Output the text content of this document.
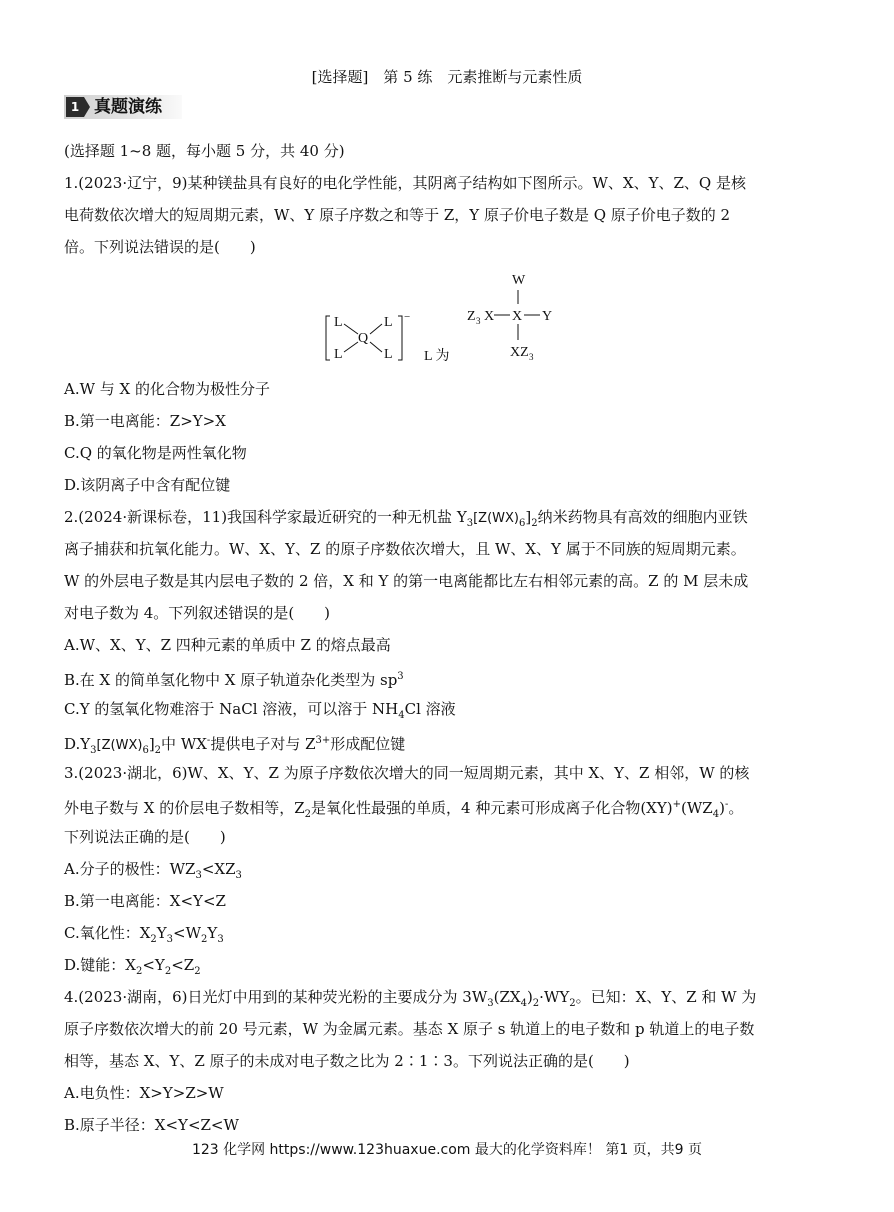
[选择题]　第 5 练　元素推断与元素性质
1 真题演练
(选择题 1~8 题，每小题 5 分，共 40 分)
1.(2023·辽宁，9)某种镁盐具有良好的电化学性能，其阴离子结构如下图所示。W、X、Y、Z、Q 是核
电荷数依次增大的短周期元素，W、Y 原子序数之和等于 Z，Y 原子价电子数是 Q 原子价电子数的 2
倍。下列说法错误的是(　　)
−
L	L
L	L
Q
L 为
W
Z 3 X X Y
XZ 3
A.W 与 X 的化合物为极性分子
B.第一电离能：Z>Y>X
C.Q 的氧化物是两性氧化物
D.该阴离子中含有配位键
2.(2024·新课标卷，11)我国科学家最近研究的一种无机盐 $Y_3[Z(WX)_6]_2$纳米药物具有高效的细胞内亚铁
离子捕获和抗氧化能力。W、X、Y、Z 的原子序数依次增大，且 W、X、Y 属于不同族的短周期元素。
W 的外层电子数是其内层电子数的 2 倍，X 和 Y 的第一电离能都比左右相邻元素的高。Z 的 M 层未成
对电子数为 4。下列叙述错误的是(　　)
A.W、X、Y、Z 四种元素的单质中 Z 的熔点最高
B.在 X 的简单氢化物中 X 原子轨道杂化类型为 $sp^3$
C.Y 的氢氧化物难溶于 NaCl 溶液，可以溶于 $NH_4Cl$ 溶液
$D.Y_3[Z(WX)_6]_2$中 WX-提供电子对与 $Z^{3+}$形成配位键
3.(2023·湖北，6)W、X、Y、Z 为原子序数依次增大的同一短周期元素，其中 X、Y、Z 相邻，W 的核
外电子数与 X 的价层电子数相等，$Z_2$是氧化性最强的单质，4 种元素可形成离子化合物$(XY)^+(WZ_4)^-$。
下列说法正确的是(　　)
A.分子的极性：$WZ_3<XZ_3$
B.第一电离能：X<Y<Z
C.氧化性：$X_2Y_3<W_2Y_3$
D.键能：$X_2<Y_2<Z_2$
4.(2023·湖南，6)日光灯中用到的某种荧光粉的主要成分为 $3W_3(ZX_4)_2\cdot WY_2$。已知：X、Y、Z 和 W 为
原子序数依次增大的前 20 号元素，W 为金属元素。基态 X 原子 s 轨道上的电子数和 p 轨道上的电子数
相等，基态 X、Y、Z 原子的未成对电子数之比为 2∶1∶3。下列说法正确的是(　　)
A.电负性：X>Y>Z>W
B.原子半径：X<Y<Z<W
123 化学网 https://www.123huaxue.com 最大的化学资料库！ 第1 页，共9 页
